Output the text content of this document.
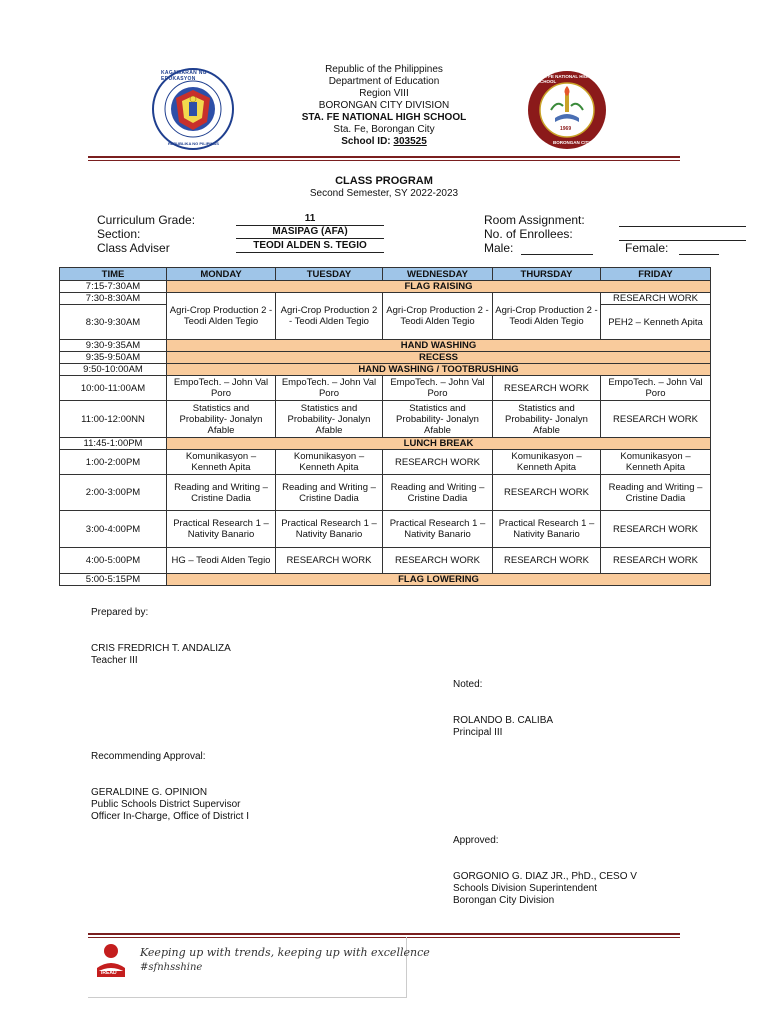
KAGAWARAN NG EDUKASYON
REPUBLIKA NG PILIPINAS
Republic of the Philippines
Department of Education
Region VIII
BORONGAN CITY DIVISION
STA. FE NATIONAL HIGH SCHOOL
Sta. Fe, Borongan City
School ID: 303525
STA. FE NATIONAL HIGH SCHOOL
BORONGAN CITY
1969
CLASS PROGRAM
Second Semester, SY 2022-2023
Curriculum Grade:	11
Section:	MASIPAG (AFA)
Class Adviser	TEODI ALDEN S. TEGIO
Room Assignment:
No. of Enrollees:
Male:	Female:
TIME	MONDAY	TUESDAY	WEDNESDAY	THURSDAY	FRIDAY
7:15-7:30AM	FLAG RAISING				
7:30-8:30AM	Agri-Crop Production 2 - Teodi Alden Tegio	Agri-Crop Production 2 - Teodi Alden Tegio	Agri-Crop Production 2 - Teodi Alden Tegio	Agri-Crop Production 2 - Teodi Alden Tegio	RESEARCH WORK
8:30-9:30AM					PEH2 – Kenneth Apita
9:30-9:35AM	HAND WASHING				
9:35-9:50AM	RECESS				
9:50-10:00AM	HAND WASHING / TOOTBRUSHING				
10:00-11:00AM	EmpoTech. – John Val Poro	EmpoTech. – John Val Poro	EmpoTech. – John Val Poro	RESEARCH WORK	EmpoTech. – John Val Poro
11:00-12:00NN	Statistics and Probability- Jonalyn Afable	Statistics and Probability- Jonalyn Afable	Statistics and Probability- Jonalyn Afable	Statistics and Probability- Jonalyn Afable	RESEARCH WORK
11:45-1:00PM	LUNCH BREAK				
1:00-2:00PM	Komunikasyon – Kenneth Apita	Komunikasyon – Kenneth Apita	RESEARCH WORK	Komunikasyon – Kenneth Apita	Komunikasyon – Kenneth Apita
2:00-3:00PM	Reading and Writing – Cristine Dadia	Reading and Writing – Cristine Dadia	Reading and Writing – Cristine Dadia	RESEARCH WORK	Reading and Writing – Cristine Dadia
3:00-4:00PM	Practical Research 1 – Nativity Banario	Practical Research 1 – Nativity Banario	Practical Research 1 – Nativity Banario	Practical Research 1 – Nativity Banario	RESEARCH WORK
4:00-5:00PM	HG – Teodi Alden Tegio	RESEARCH WORK	RESEARCH WORK	RESEARCH WORK	RESEARCH WORK
5:00-5:15PM	FLAG LOWERING				
Prepared by:
CRIS FREDRICH T. ANDALIZA
Teacher III
Noted:
ROLANDO B. CALIBA
Principal III
Recommending Approval:
GERALDINE G. OPINION
Public Schools District Supervisor
Officer In-Charge, Office of District I
Approved:
GORGONIO G. DIAZ JR., PhD., CESO V
Schools Division Superintendent
Borongan City Division
iREAD
Keeping up with trends, keeping up with excellence
#sfnhsshine
